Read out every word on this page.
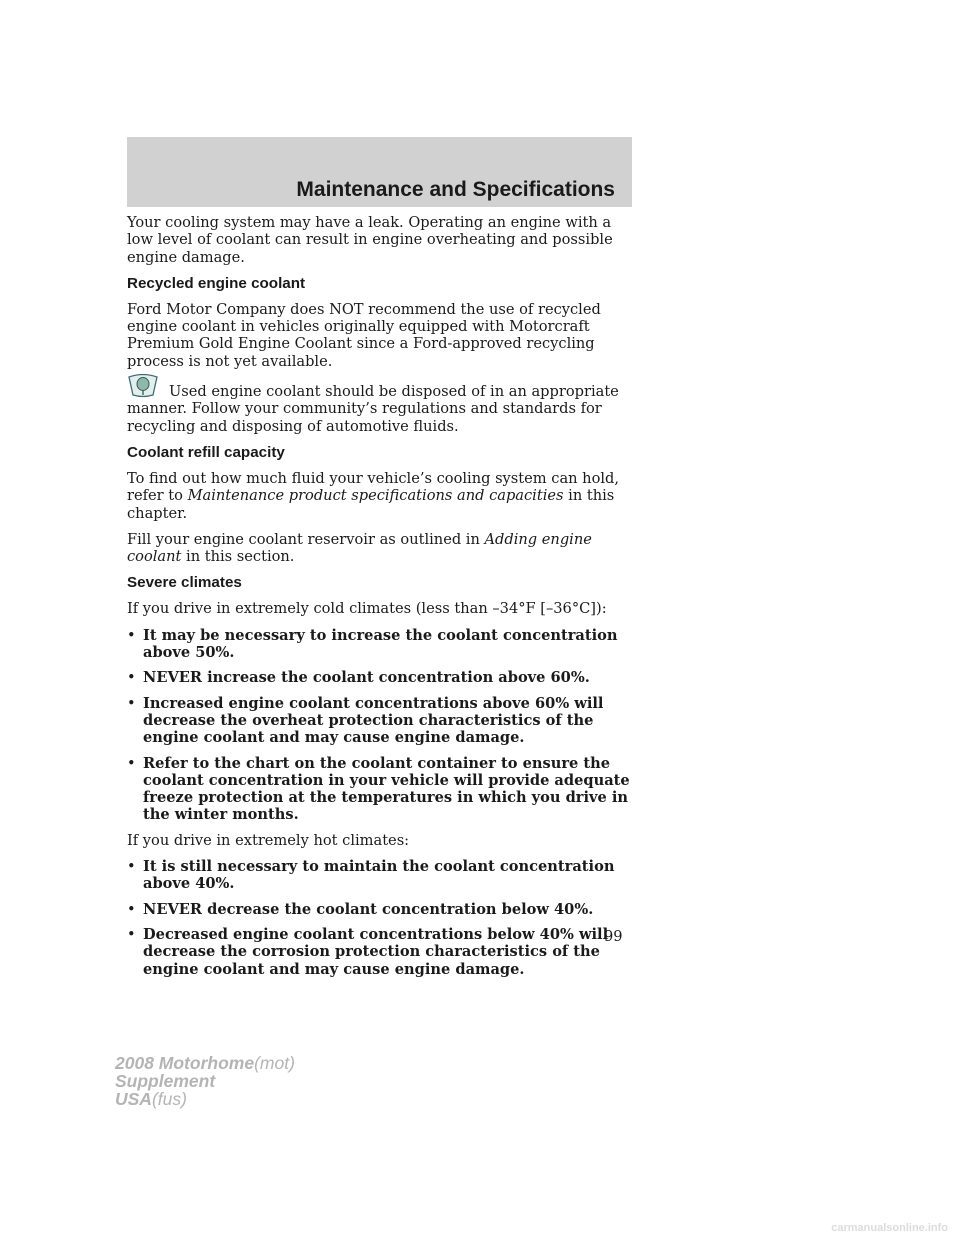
Maintenance and Specifications

Your cooling system may have a leak. Operating an engine with a low level of coolant can result in engine overheating and possible engine damage.

Recycled engine coolant

Ford Motor Company does NOT recommend the use of recycled engine coolant in vehicles originally equipped with Motorcraft Premium Gold Engine Coolant since a Ford-approved recycling process is not yet available.

Used engine coolant should be disposed of in an appropriate manner. Follow your community’s regulations and standards for recycling and disposing of automotive fluids.

Coolant refill capacity

To find out how much fluid your vehicle’s cooling system can hold, refer to Maintenance product specifications and capacities in this chapter.

Fill your engine coolant reservoir as outlined in Adding engine coolant in this section.

Severe climates

If you drive in extremely cold climates (less than –34°F [–36°C]):

• It may be necessary to increase the coolant concentration above 50%.
• NEVER increase the coolant concentration above 60%.
• Increased engine coolant concentrations above 60% will decrease the overheat protection characteristics of the engine coolant and may cause engine damage.
• Refer to the chart on the coolant container to ensure the coolant concentration in your vehicle will provide adequate freeze protection at the temperatures in which you drive in the winter months.

If you drive in extremely hot climates:

• It is still necessary to maintain the coolant concentration above 40%.
• NEVER decrease the coolant concentration below 40%.
• Decreased engine coolant concentrations below 40% will decrease the corrosion protection characteristics of the engine coolant and may cause engine damage.
99
2008 Motorhome(mot)
Supplement
USA(fus)
carmanualsonline.info
